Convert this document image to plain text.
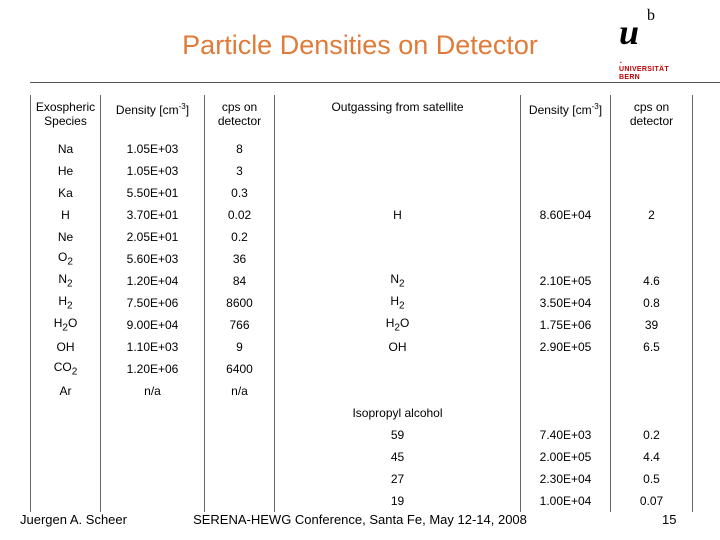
Particle Densities on Detector	u b
▪
UNIVERSITÄT
BERN
Exospheric Species	Density $[cm^{-3}]$	cps on detector	Outgassing from satellite	Density $[cm^{-3}]$	cps on detector
Na	1.05E+03	8			
He	1.05E+03	3			
Ka	5.50E+01	0.3			
H	3.70E+01	0.02	H	8.60E+04	2
Ne	2.05E+01	0.2			
$O_2$	5.60E+03	36			
$N_2$	1.20E+04	84	$N_2$	2.10E+05	4.6
$H_2$	7.50E+06	8600	$H_2$	3.50E+04	0.8
$H_2O$	9.00E+04	766	$H_2O$	1.75E+06	39
OH	1.10E+03	9	OH	2.90E+05	6.5
$CO_2$	1.20E+06	6400			
Ar	n/a	n/a			
			Isopropyl alcohol		
			59	7.40E+03	0.2
			45	2.00E+05	4.4
			27	2.30E+04	0.5
			19	1.00E+04	0.07
Juergen A. Scheer	SERENA-HEWG Conference, Santa Fe, May 12-14, 2008	15
